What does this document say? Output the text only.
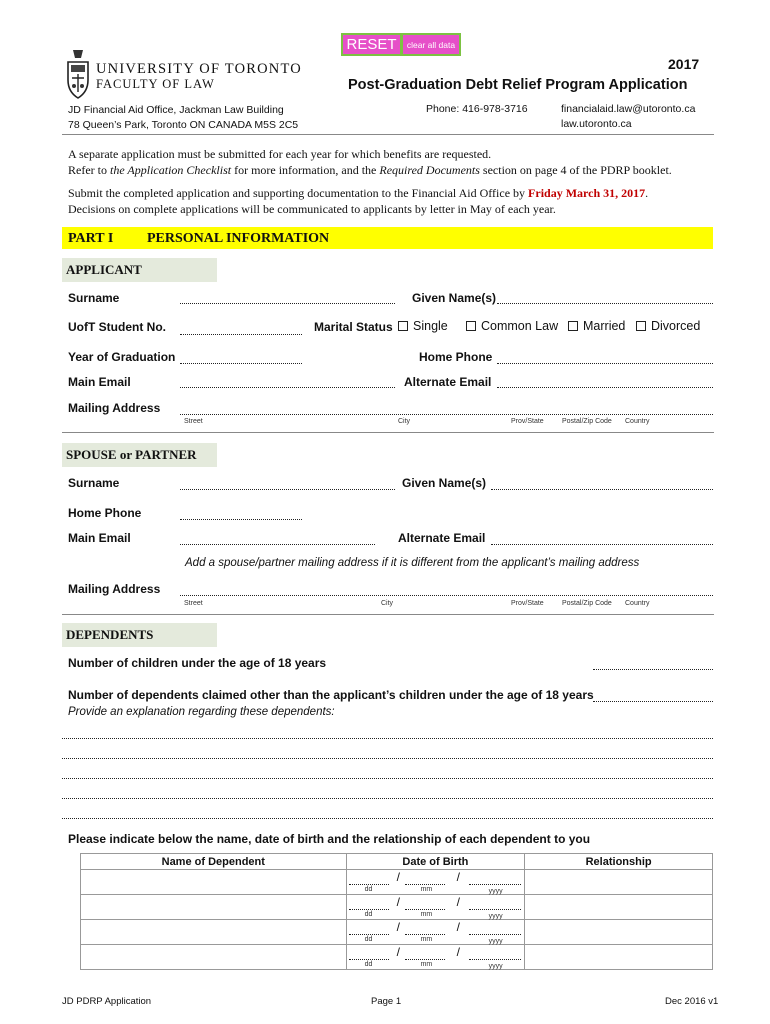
RESET	clear all data
UNIVERSITY OF TORONTO
FACULTY OF LAW
2017
Post-Graduation Debt Relief Program Application
JD Financial Aid Office, Jackman Law Building
78 Queen’s Park, Toronto ON CANADA M5S 2C5
Phone: 416-978-3716	financialaid.law@utoronto.ca
law.utoronto.ca
A separate application must be submitted for each year for which benefits are requested.
Refer to the Application Checklist for more information, and the Required Documents section on page 4 of the PDRP booklet.
Submit the completed application and supporting documentation to the Financial Aid Office by Friday March 31, 2017.
Decisions on complete applications will be communicated to applicants by letter in May of each year.
PART I PERSONAL INFORMATION
APPLICANT
Surname	Given Name(s)
UofT Student No.	Marital Status Single	Common Law Married Divorced
Year of Graduation	Home Phone
Main Email	Alternate Email
Mailing Address
Street	City	Prov/State	Postal/Zip Code Country
SPOUSE or PARTNER
Surname	Given Name(s)
Home Phone
Main Email	Alternate Email
Add a spouse/partner mailing address if it is different from the applicant’s mailing address
Mailing Address
Street	City	Prov/State	Postal/Zip Code Country
DEPENDENTS
Number of children under the age of 18 years
Number of dependents claimed other than the applicant’s children under the age of 18 years
Provide an explanation regarding these dependents:
Please indicate below the name, date of birth and the relationship of each dependent to you
Name of Dependent	Date of Birth	Relationship

	/ /
dd mm yyyy	

	/ /
dd mm yyyy	

	/ /
dd mm yyyy	

	/ /
dd mm yyyy	

JD PDRP Application	Page 1	Dec 2016 v1
